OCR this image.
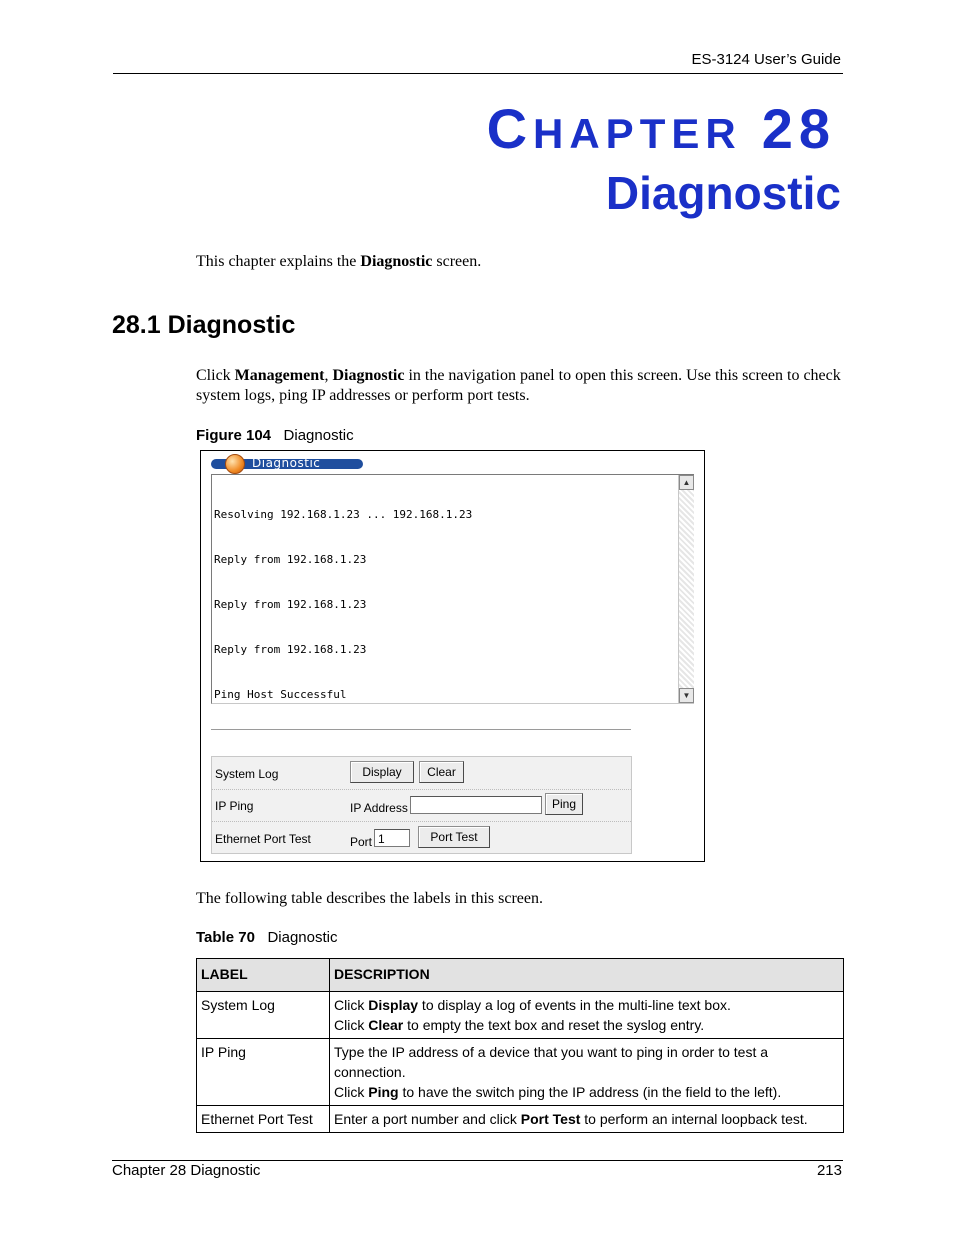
ES-3124 User’s Guide
CHAPTER 28
Diagnostic
This chapter explains the Diagnostic screen.
28.1 Diagnostic
Click Management, Diagnostic in the navigation panel to open this screen. Use this screen to check system logs, ping IP addresses or perform port tests.
Figure 104 Diagnostic
Diagnostic

Resolving 192.168.1.23 ... 192.168.1.23

Reply from 192.168.1.23

Reply from 192.168.1.23

Reply from 192.168.1.23

Ping Host Successful

▲
▼
System Log	Display	Clear
IP Ping	IP Address	Ping
Ethernet Port Test	Port 1	Port Test
The following table describes the labels in this screen.
Table 70 Diagnostic
LABEL	DESCRIPTION
System Log	Click Display to display a log of events in the multi-line text box.
Click Clear to empty the text box and reset the syslog entry.

IP Ping	Type the IP address of a device that you want to ping in order to test a connection.
Click Ping to have the switch ping the IP address (in the field to the left).

Ethernet Port Test	Enter a port number and click Port Test to perform an internal loopback test.
Chapter 28 Diagnostic	213
